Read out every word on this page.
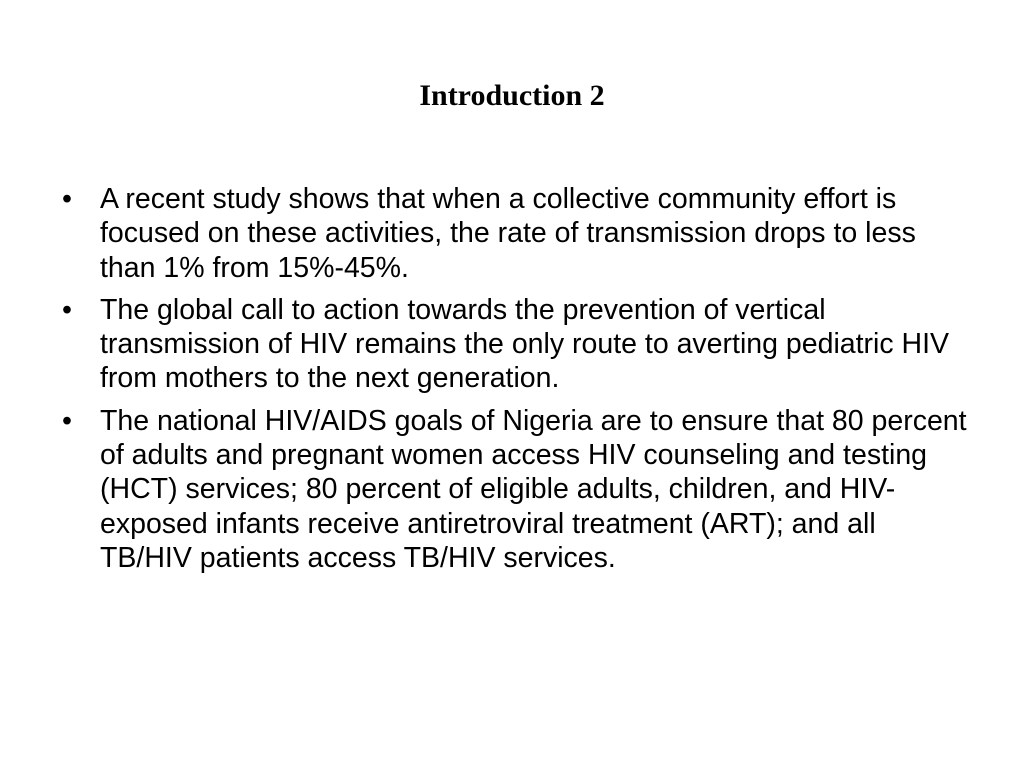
Introduction 2
• A recent study shows that when a collective community effort is focused on these activities, the rate of transmission drops to less than 1% from 15%-45%.
• The global call to action towards the prevention of vertical transmission of HIV remains the only route to averting pediatric HIV from mothers to the next generation.
• The national HIV/AIDS goals of Nigeria are to ensure that 80 percent of adults and pregnant women access HIV counseling and testing (HCT) services; 80 percent of eligible adults, children, and HIV-exposed infants receive antiretroviral treatment (ART); and all TB/HIV patients access TB/HIV services.
